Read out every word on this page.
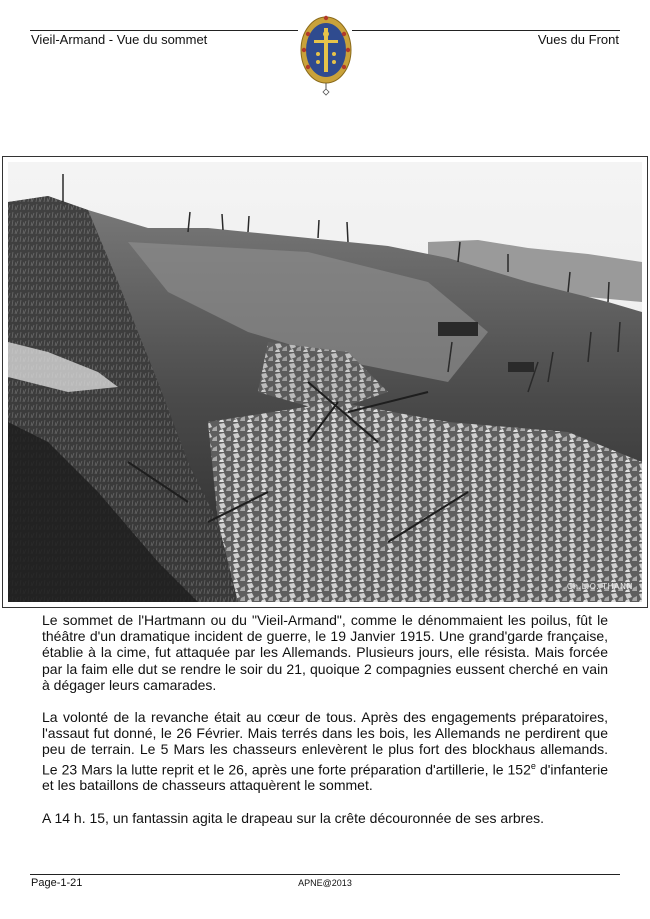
Vieil-Armand - Vue du sommet	Vues du Front
Ch.L.O. THANN

Le sommet de l'Hartmann ou du "Vieil-Armand", comme le dénommaient les poilus, fût le théâtre d'un dramatique incident de guerre, le 19 Janvier 1915. Une grand'garde française, établie à la cime, fut attaquée par les Allemands. Plusieurs jours, elle résista. Mais forcée par la faim elle dut se rendre le soir du 21, quoique 2 compagnies eussent cherché en vain à dégager leurs camarades.

La volonté de la revanche était au cœur de tous. Après des engagements préparatoires, l'assaut fut donné, le 26 Février. Mais terrés dans les bois, les Allemands ne perdirent que peu de terrain. Le 5 Mars les chasseurs enlevèrent le plus fort des blockhaus allemands. Le 23 Mars la lutte reprit et le 26, après une forte préparation d'artillerie, le 152e d'infanterie et les bataillons de chasseurs attaquèrent le sommet.

A 14 h. 15, un fantassin agita le drapeau sur la crête découronnée de ses arbres.

Page-1-21	APNE@2013
